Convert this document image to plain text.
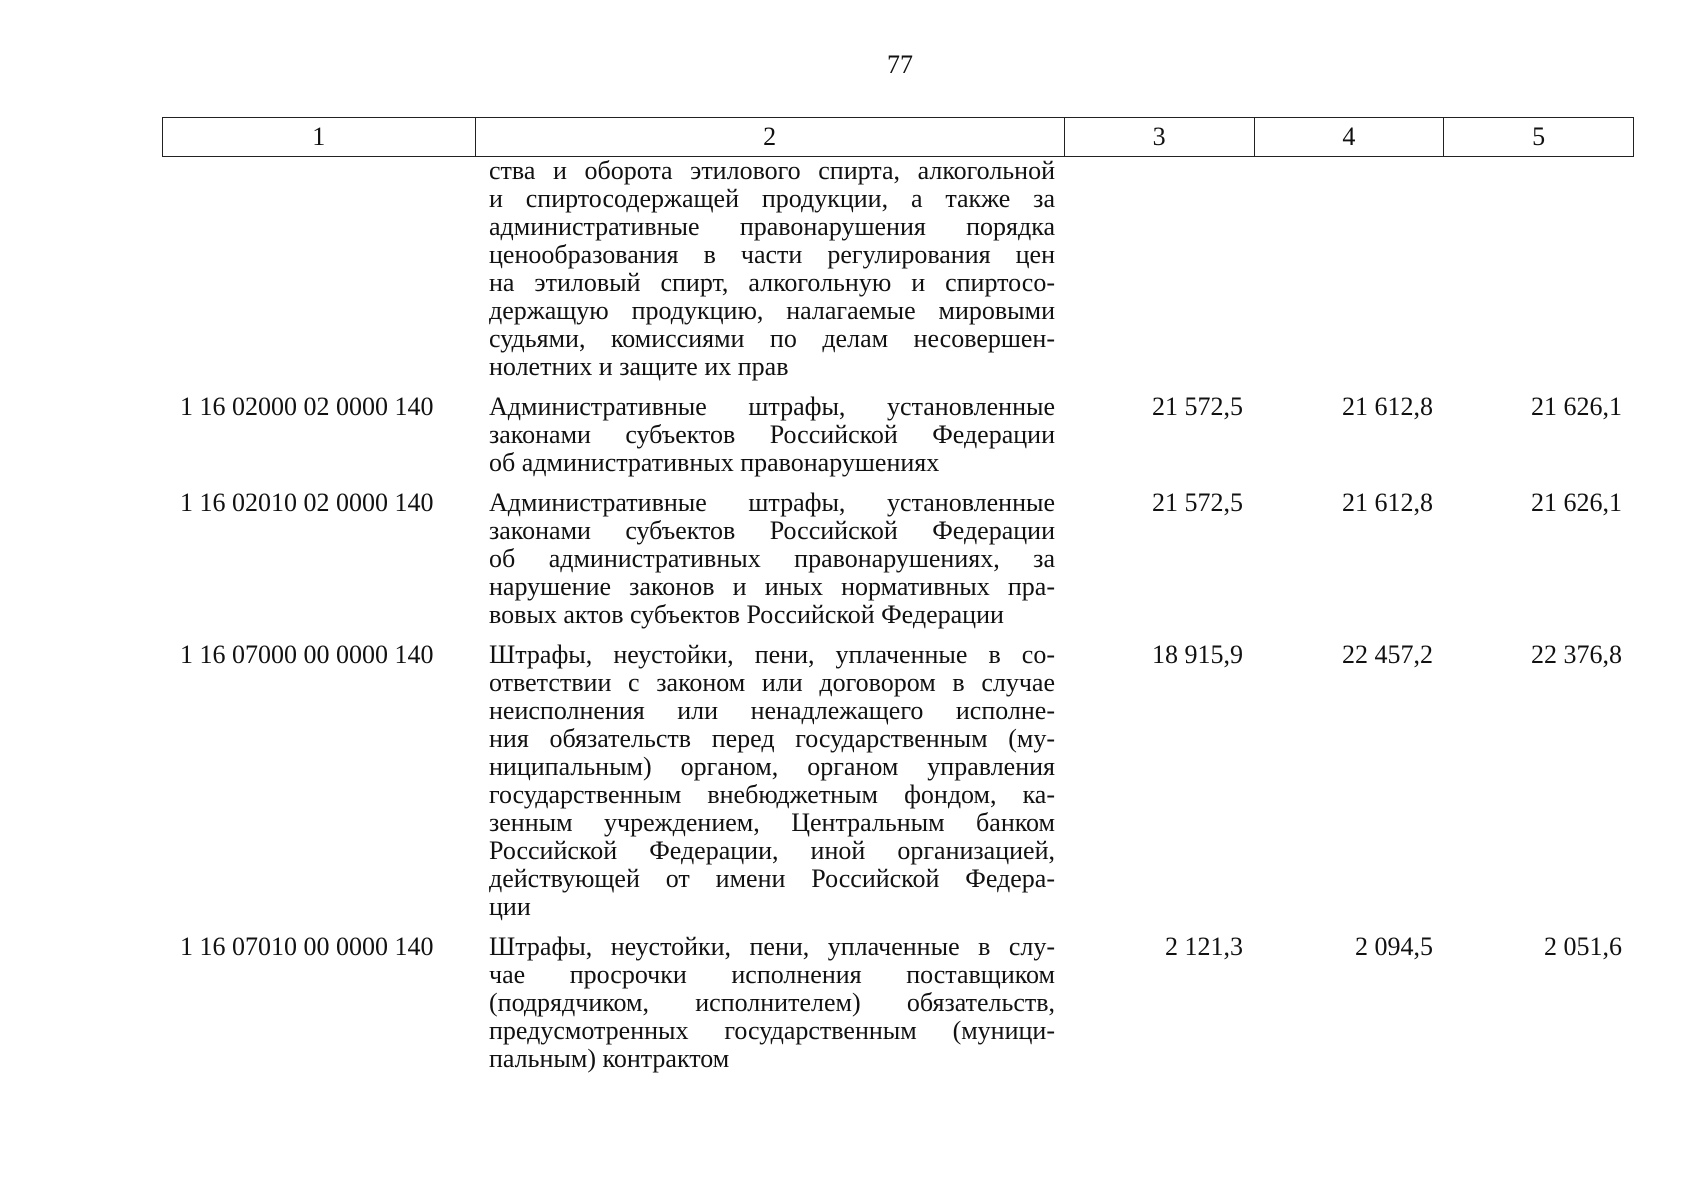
77
1	2	3	4	5
ства и оборота этилового спирта, алкогольной
и спиртосодержащей продукции, а также за
административные правонарушения порядка
ценообразования в части регулирования цен
на этиловый спирт, алкогольную и спиртосо-
держащую продукцию, налагаемые мировыми
судьями, комиссиями по делам несовершен-
нолетних и защите их прав
1 16 02000 02 0000 140	Административные штрафы, установленные
законами субъектов Российской Федерации
об административных правонарушениях
21 572,5	21 612,8	21 626,1
1 16 02010 02 0000 140	Административные штрафы, установленные
законами субъектов Российской Федерации
об административных правонарушениях, за
нарушение законов и иных нормативных пра-
вовых актов субъектов Российской Федерации
21 572,5	21 612,8	21 626,1
1 16 07000 00 0000 140	Штрафы, неустойки, пени, уплаченные в со-
ответствии с законом или договором в случае
неисполнения или ненадлежащего исполне-
ния обязательств перед государственным (му-
ниципальным) органом, органом управления
государственным внебюджетным фондом, ка-
зенным учреждением, Центральным банком
Российской Федерации, иной организацией,
действующей от имени Российской Федера-
ции
18 915,9	22 457,2	22 376,8
1 16 07010 00 0000 140	Штрафы, неустойки, пени, уплаченные в слу-
чае просрочки исполнения поставщиком
(подрядчиком, исполнителем) обязательств,
предусмотренных государственным (муници-
пальным) контрактом
2 121,3	2 094,5	2 051,6
